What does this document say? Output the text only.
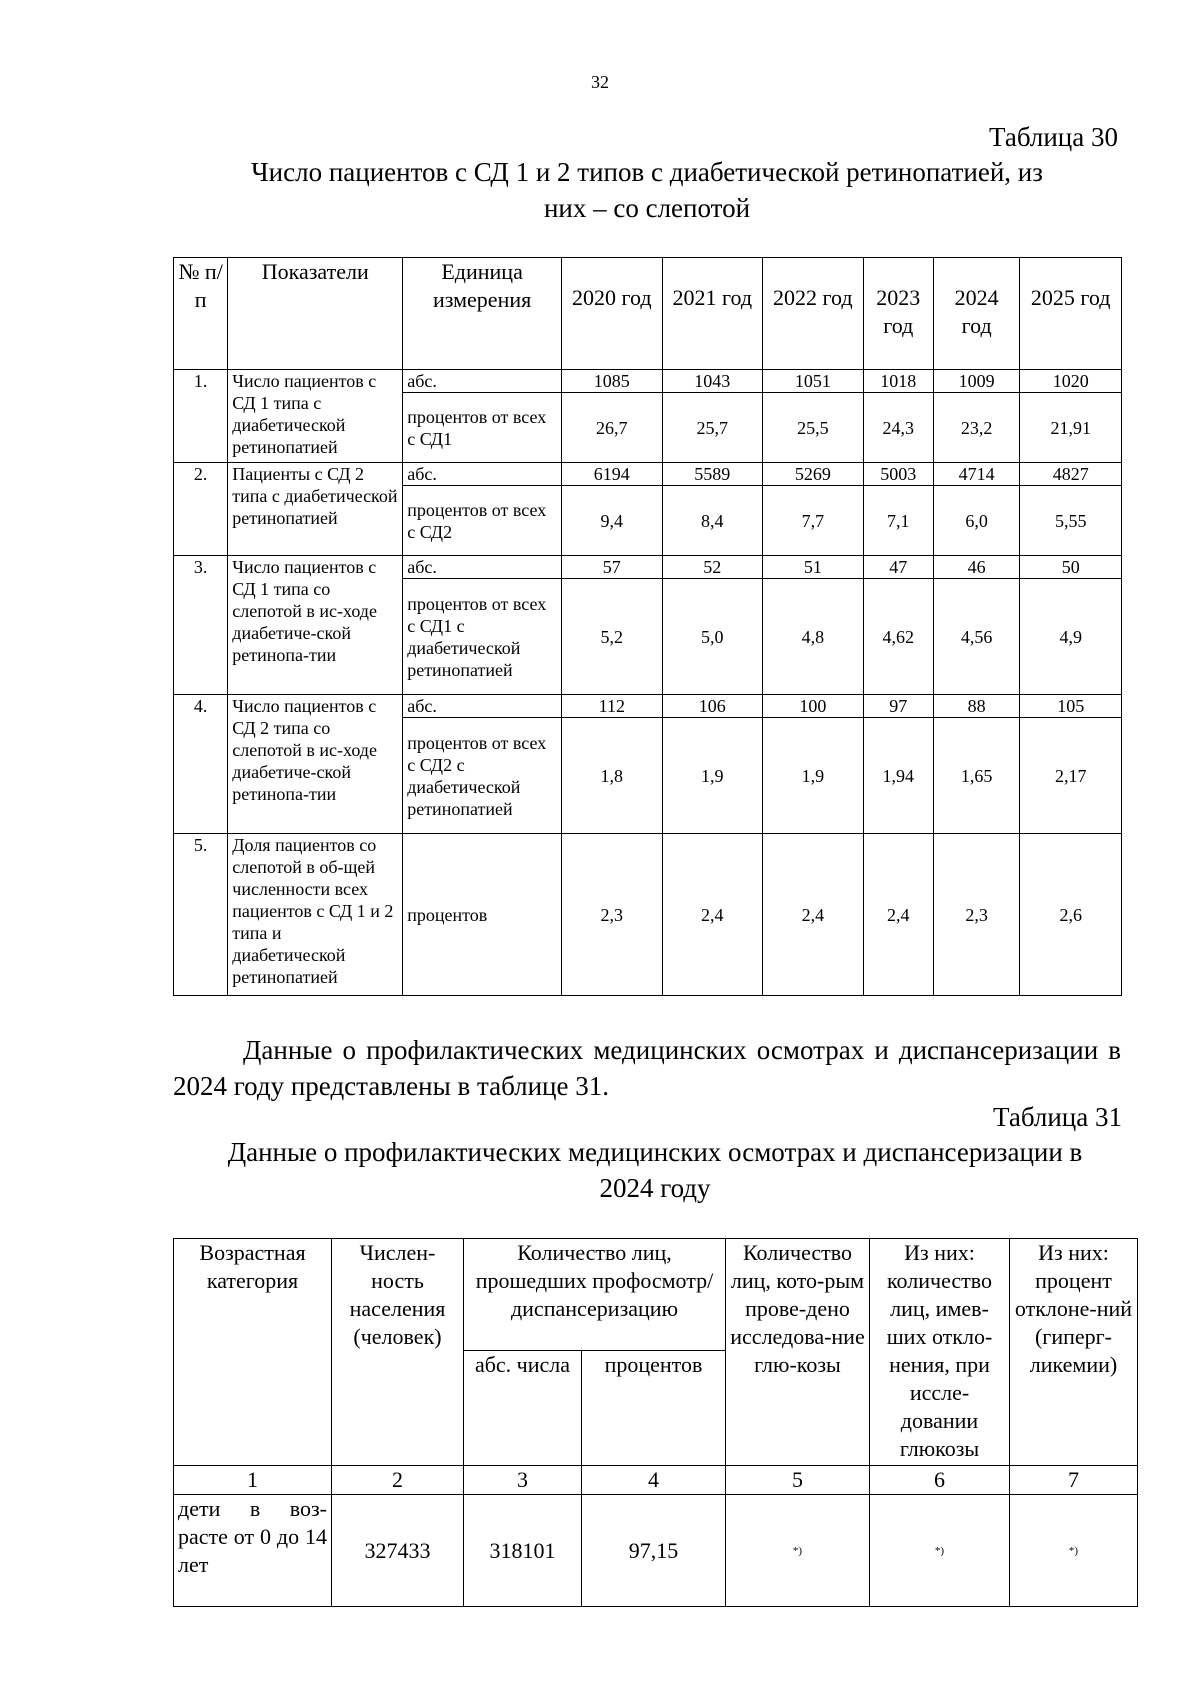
32
Таблица 30
Число пациентов с СД 1 и 2 типов с диабетической ретинопатией, из
них – со слепотой
№ п/п	Показатели	Единица измерения	2020 год	2021 год	2022 год	2023 год	2024 год	2025 год
1.	Число пациентов с СД 1 типа с диабетической ретинопатией	абс.	1085	1043	1051	1018	1009	1020
		процентов от всех с СД1	26,7	25,7	25,5	24,3	23,2	21,91
2.	Пациенты с СД 2 типа с диабетической ретинопатией	абс.	6194	5589	5269	5003	4714	4827
		процентов от всех с СД2	9,4	8,4	7,7	7,1	6,0	5,55
3.	Число пациентов с СД 1 типа со слепотой в ис-ходе диабетиче-ской ретинопа-тии	абс.	57	52	51	47	46	50
		процентов от всех с СД1 с диабетической ретинопатией	5,2	5,0	4,8	4,62	4,56	4,9
4.	Число пациентов с СД 2 типа со слепотой в ис-ходе диабетиче-ской ретинопа-тии	абс.	112	106	100	97	88	105
		процентов от всех с СД2 с диабетической ретинопатией	1,8	1,9	1,9	1,94	1,65	2,17
5.	Доля пациентов со слепотой в об-щей численности всех пациентов с СД 1 и 2 типа и диабетической ретинопатией	процентов	2,3	2,4	2,4	2,4	2,3	2,6
Данные о профилактических медицинских осмотрах и диспансеризации в 2024 году представлены в таблице 31.
Таблица 31
Данные о профилактических медицинских осмотрах и диспансеризации в
2024 году
Возрастная категория	Числен-ность населения (человек)	Количество лиц, прошедших профосмотр/ диспансеризацию		Количество лиц, кото-рым прове-дено исследова-ние глю-козы	Из них: количество лиц, имев-ших откло-нения, при иссле-довании глюкозы	Из них: процент отклоне-ний (гиперг-ликемии)
		абс. числа	процентов			
1	2	3	4	5	6	7
дети в воз-расте от 0 до 14 лет	327433	318101	97,15	*)	*)	*)
